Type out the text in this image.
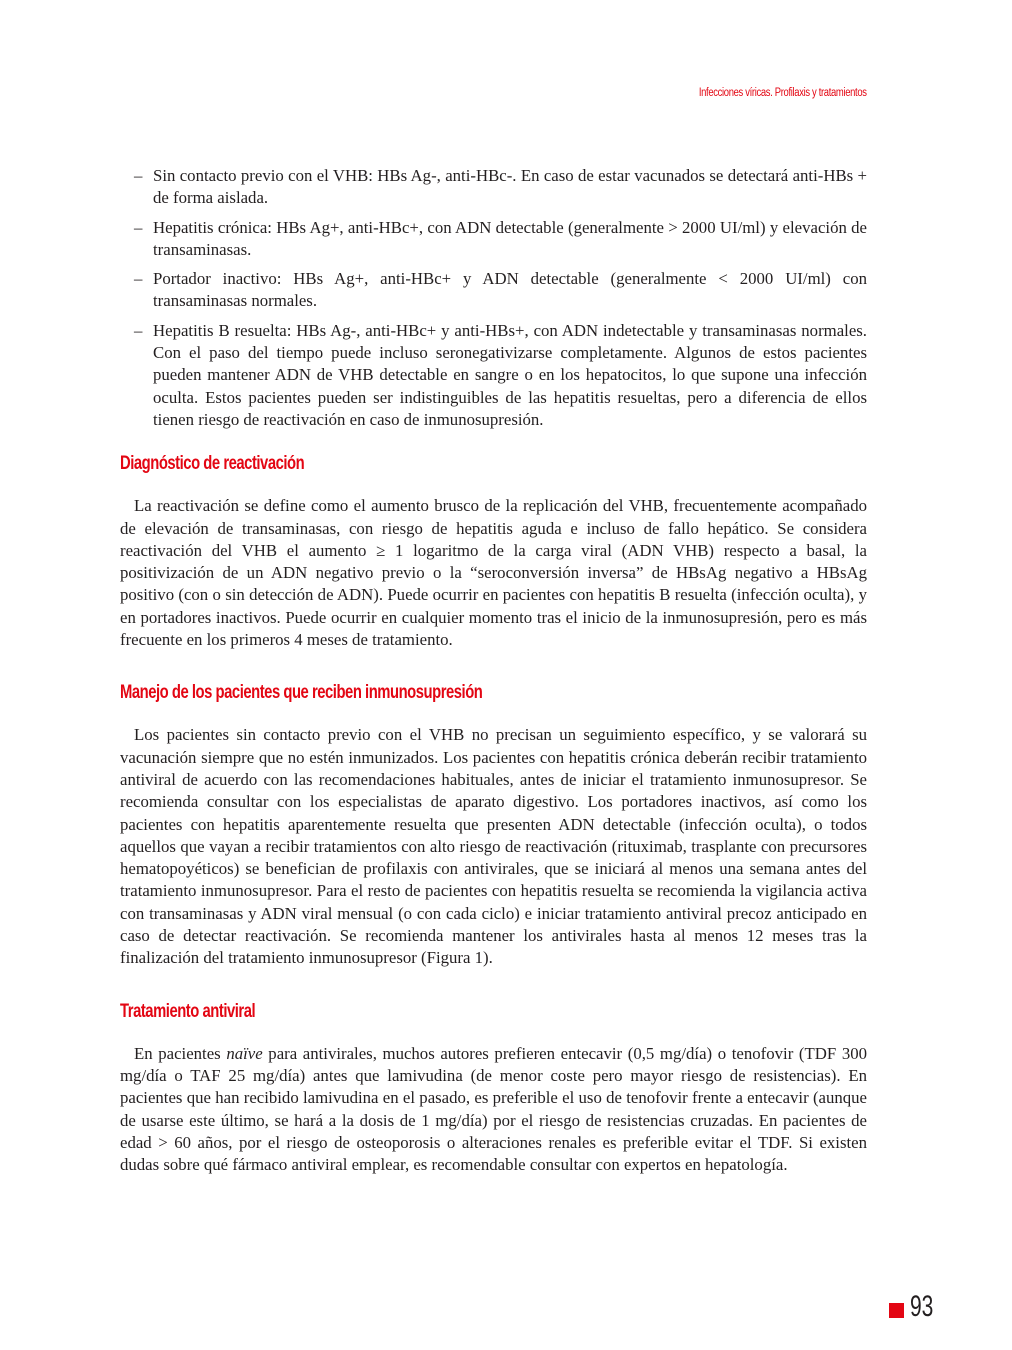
Infecciones víricas. Profilaxis y tratamientos
– Sin contacto previo con el VHB: HBs Ag-, anti-HBc-. En caso de estar vacunados se detectará anti-HBs + de forma aislada.
– Hepatitis crónica: HBs Ag+, anti-HBc+, con ADN detectable (generalmente > 2000 UI/ml) y elevación de transaminasas.
– Portador inactivo: HBs Ag+, anti-HBc+ y ADN detectable (generalmente < 2000 UI/ml) con transaminasas normales.
– Hepatitis B resuelta: HBs Ag-, anti-HBc+ y anti-HBs+, con ADN indetectable y transaminasas normales. Con el paso del tiempo puede incluso seronegativizarse completamente. Algunos de estos pacientes pueden mantener ADN de VHB detectable en sangre o en los hepatocitos, lo que supone una infección oculta. Estos pacientes pueden ser indistinguibles de las hepatitis resueltas, pero a diferencia de ellos tienen riesgo de reactivación en caso de inmunosupresión.
Diagnóstico de reactivación

La reactivación se define como el aumento brusco de la replicación del VHB, frecuentemente acompañado de elevación de transaminasas, con riesgo de hepatitis aguda e incluso de fallo hepático. Se considera reactivación del VHB el aumento ≥ 1 logaritmo de la carga viral (ADN VHB) respecto a basal, la positivización de un ADN negativo previo o la “seroconversión inversa” de HBsAg negativo a HBsAg positivo (con o sin detección de ADN). Puede ocurrir en pacientes con hepatitis B resuelta (infección oculta), y en portadores inactivos. Puede ocurrir en cualquier momento tras el inicio de la inmunosupresión, pero es más frecuente en los primeros 4 meses de tratamiento.

Manejo de los pacientes que reciben inmunosupresión

Los pacientes sin contacto previo con el VHB no precisan un seguimiento específico, y se valorará su vacunación siempre que no estén inmunizados. Los pacientes con hepatitis crónica deberán recibir tratamiento antiviral de acuerdo con las recomendaciones habituales, antes de iniciar el tratamiento inmunosupresor. Se recomienda consultar con los especialistas de aparato digestivo. Los portadores inactivos, así como los pacientes con hepatitis aparentemente resuelta que presenten ADN detectable (infección oculta), o todos aquellos que vayan a recibir tratamientos con alto riesgo de reactivación (rituximab, trasplante con precursores hematopoyéticos) se benefician de profilaxis con antivirales, que se iniciará al menos una semana antes del tratamiento inmunosupresor. Para el resto de pacientes con hepatitis resuelta se recomienda la vigilancia activa con transaminasas y ADN viral mensual (o con cada ciclo) e iniciar tratamiento antiviral precoz anticipado en caso de detectar reactivación. Se recomienda mantener los antivirales hasta al menos 12 meses tras la finalización del tratamiento inmunosupresor (Figura 1).

Tratamiento antiviral

En pacientes naïve para antivirales, muchos autores prefieren entecavir (0,5 mg/día) o tenofovir (TDF 300 mg/día o TAF 25 mg/día) antes que lamivudina (de menor coste pero mayor riesgo de resistencias). En pacientes que han recibido lamivudina en el pasado, es preferible el uso de tenofovir frente a entecavir (aunque de usarse este último, se hará a la dosis de 1 mg/día) por el riesgo de resistencias cruzadas. En pacientes de edad > 60 años, por el riesgo de osteoporosis o alteraciones renales es preferible evitar el TDF. Si existen dudas sobre qué fármaco antiviral emplear, es recomendable consultar con expertos en hepatología.

93
